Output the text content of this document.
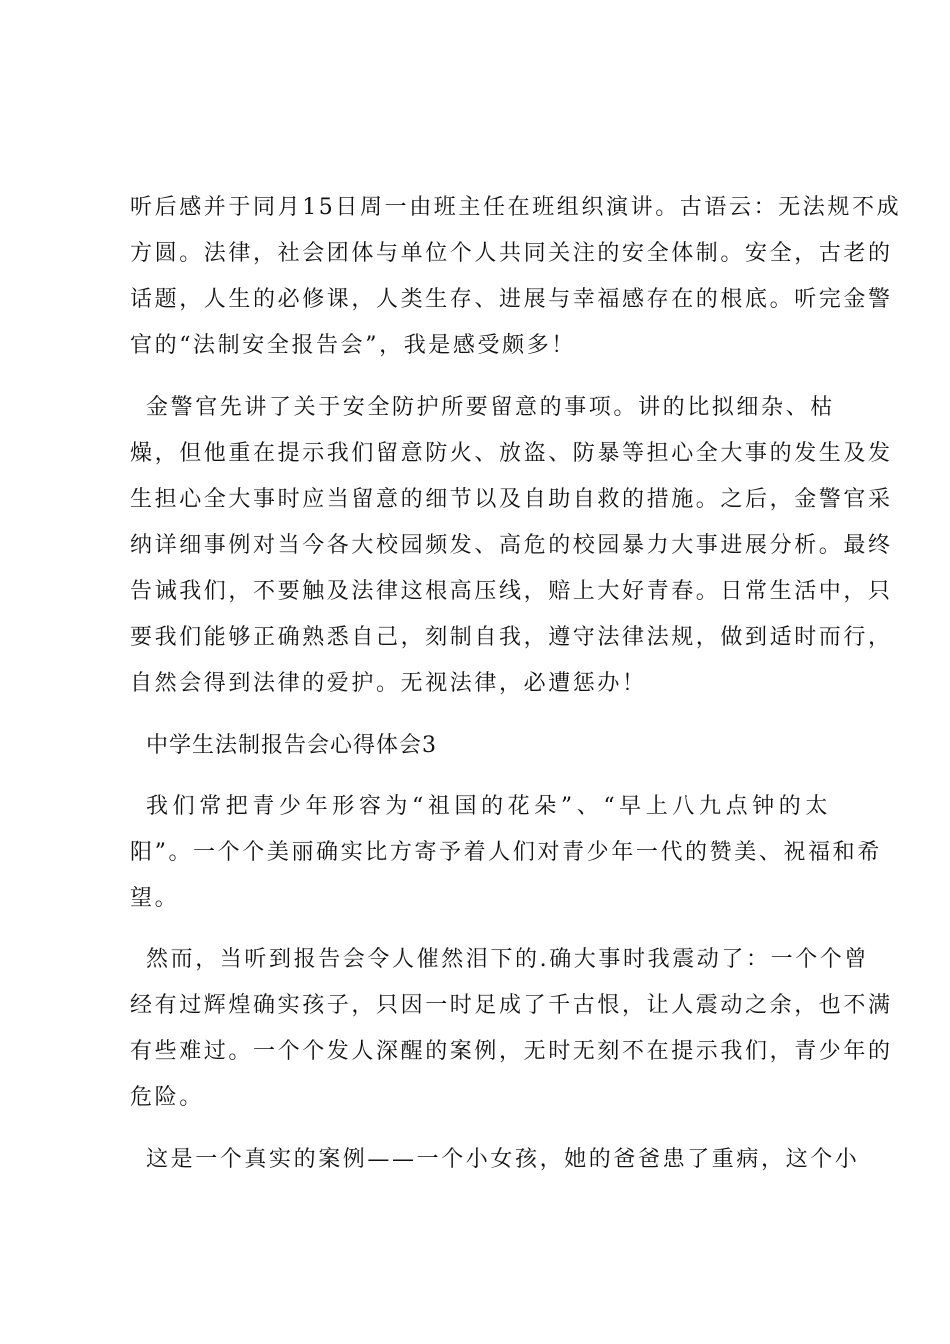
听后感并于同月15日周一由班主任在班组织演讲。古语云：无法规不成
方圆。法律，社会团体与单位个人共同关注的安全体制。安全，古老的
话题，人生的必修课，人类生存、进展与幸福感存在的根底。听完金警
官的“法制安全报告会”，我是感受颇多！
金警官先讲了关于安全防护所要留意的事项。讲的比拟细杂、枯
燥，但他重在提示我们留意防火、放盗、防暴等担心全大事的发生及发
生担心全大事时应当留意的细节以及自助自救的措施。之后，金警官采
纳详细事例对当今各大校园频发、高危的校园暴力大事进展分析。最终
告诫我们，不要触及法律这根高压线，赔上大好青春。日常生活中，只
要我们能够正确熟悉自己，刻制自我，遵守法律法规，做到适时而行，
自然会得到法律的爱护。无视法律，必遭惩办！
中学生法制报告会心得体会3
我们常把青少年形容为“祖国的花朵”、“早上八九点钟的太
阳”。一个个美丽确实比方寄予着人们对青少年一代的赞美、祝福和希
望。
然而，当听到报告会令人催然泪下的.确大事时我震动了：一个个曾
经有过辉煌确实孩子，只因一时足成了千古恨，让人震动之余，也不满
有些难过。一个个发人深醒的案例，无时无刻不在提示我们，青少年的
危险。
这是一个真实的案例——一个小女孩，她的爸爸患了重病，这个小
